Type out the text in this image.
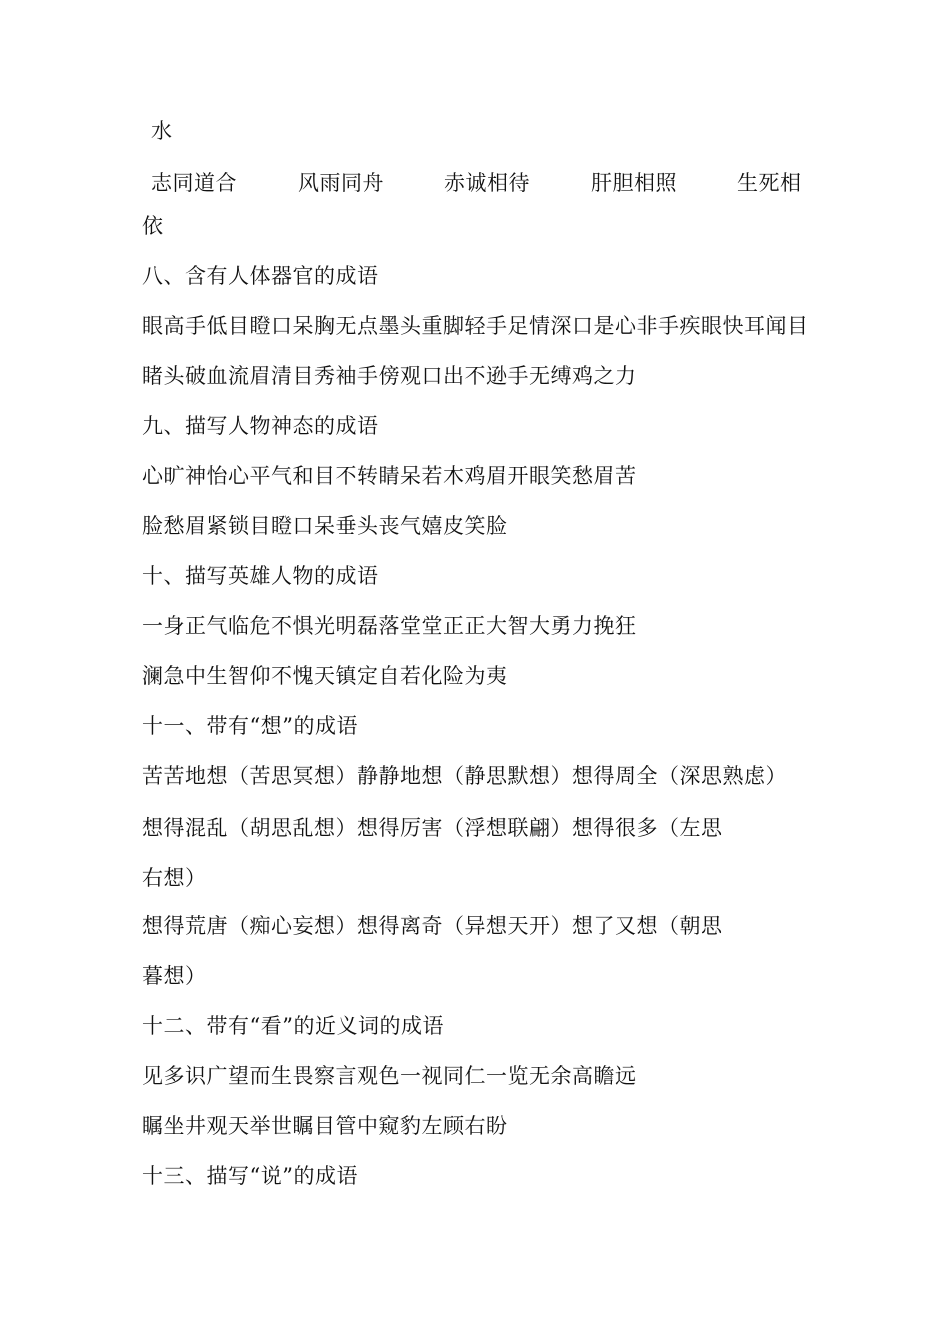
水
志同道合	风雨同舟	赤诚相待	肝胆相照	生死相
依
八、含有人体器官的成语
眼高手低目瞪口呆胸无点墨头重脚轻手足情深口是心非手疾眼快耳闻目
睹头破血流眉清目秀袖手傍观口出不逊手无缚鸡之力
九、描写人物神态的成语
心旷神怡心平气和目不转睛呆若木鸡眉开眼笑愁眉苦
脸愁眉紧锁目瞪口呆垂头丧气嬉皮笑脸
十、描写英雄人物的成语
一身正气临危不惧光明磊落堂堂正正大智大勇力挽狂
澜急中生智仰不愧天镇定自若化险为夷
十一、带有“想”的成语
苦苦地想（苦思冥想）静静地想（静思默想）想得周全（深思熟虑）
想得混乱（胡思乱想）想得厉害（浮想联翩）想得很多（左思
右想）
想得荒唐（痴心妄想）想得离奇（异想天开）想了又想（朝思
暮想）
十二、带有“看”的近义词的成语
见多识广望而生畏察言观色一视同仁一览无余高瞻远
瞩坐井观天举世瞩目管中窥豹左顾右盼
十三、描写“说”的成语
